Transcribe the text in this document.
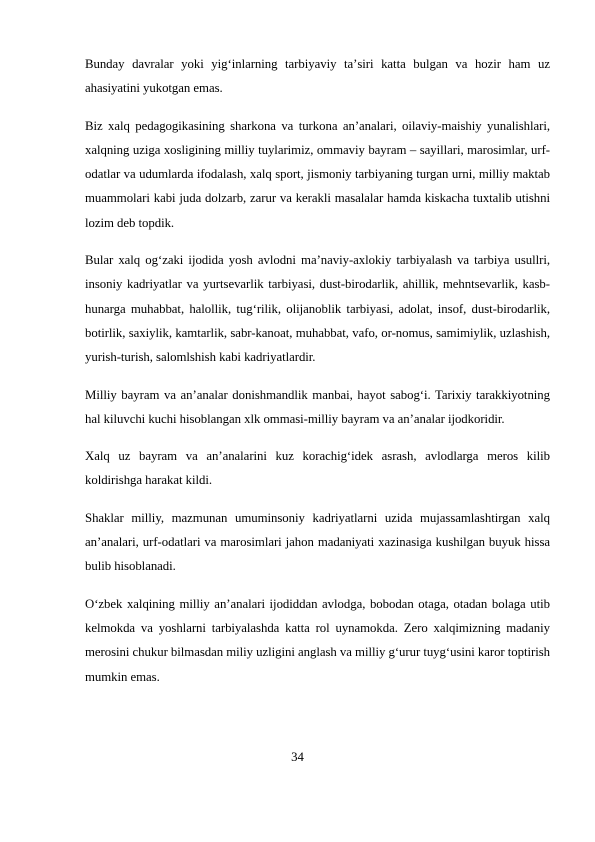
Bunday davralar yoki yigʻinlarning tarbiyaviy taʼsiri katta bulgan va hozir ham uz ahasiyatini yukotgan emas.

Biz xalq pedagogikasining sharkona va turkona anʼanalari, oilaviy-maishiy yunalishlari, xalqning uziga xosligining milliy tuylarimiz, ommaviy bayram – sayillari, marosimlar, urf-odatlar va udumlarda ifodalash, xalq sport, jismoniy tarbiyaning turgan urni, milliy maktab muammolari kabi juda dolzarb, zarur va kerakli masalalar hamda kiskacha tuxtalib utishni lozim deb topdik.

Bular xalq ogʻzaki ijodida yosh avlodni maʼnaviy-axlokiy tarbiyalash va tarbiya usullri, insoniy kadriyatlar va yurtsevarlik tarbiyasi, dust-birodarlik, ahillik, mehntsevarlik, kasb-hunarga muhabbat, halollik, tugʻrilik, olijanoblik tarbiyasi, adolat, insof, dust-birodarlik, botirlik, saxiylik, kamtarlik, sabr-kanoat, muhabbat, vafo, or-nomus, samimiylik, uzlashish, yurish-turish, salomlshish kabi kadriyatlardir.

Milliy bayram va anʼanalar donishmandlik manbai, hayot sabogʻi. Tarixiy tarakkiyotning hal kiluvchi kuchi hisoblangan xlk ommasi-milliy bayram va anʼanalar ijodkoridir.

Xalq uz bayram va anʼanalarini kuz korachigʻidek asrash, avlodlarga meros kilib koldirishga harakat kildi.

Shaklar milliy, mazmunan umuminsoniy kadriyatlarni uzida mujassamlashtirgan xalq anʼanalari, urf-odatlari va marosimlari jahon madaniyati xazinasiga kushilgan buyuk hissa bulib hisoblanadi.

Oʻzbek xalqining milliy anʼanalari ijodiddan avlodga, bobodan otaga, otadan bolaga utib kelmokda va yoshlarni tarbiyalashda katta rol uynamokda. Zero xalqimizning madaniy merosini chukur bilmasdan miliy uzligini anglash va milliy gʻurur tuygʻusini karor toptirish mumkin emas.

34
